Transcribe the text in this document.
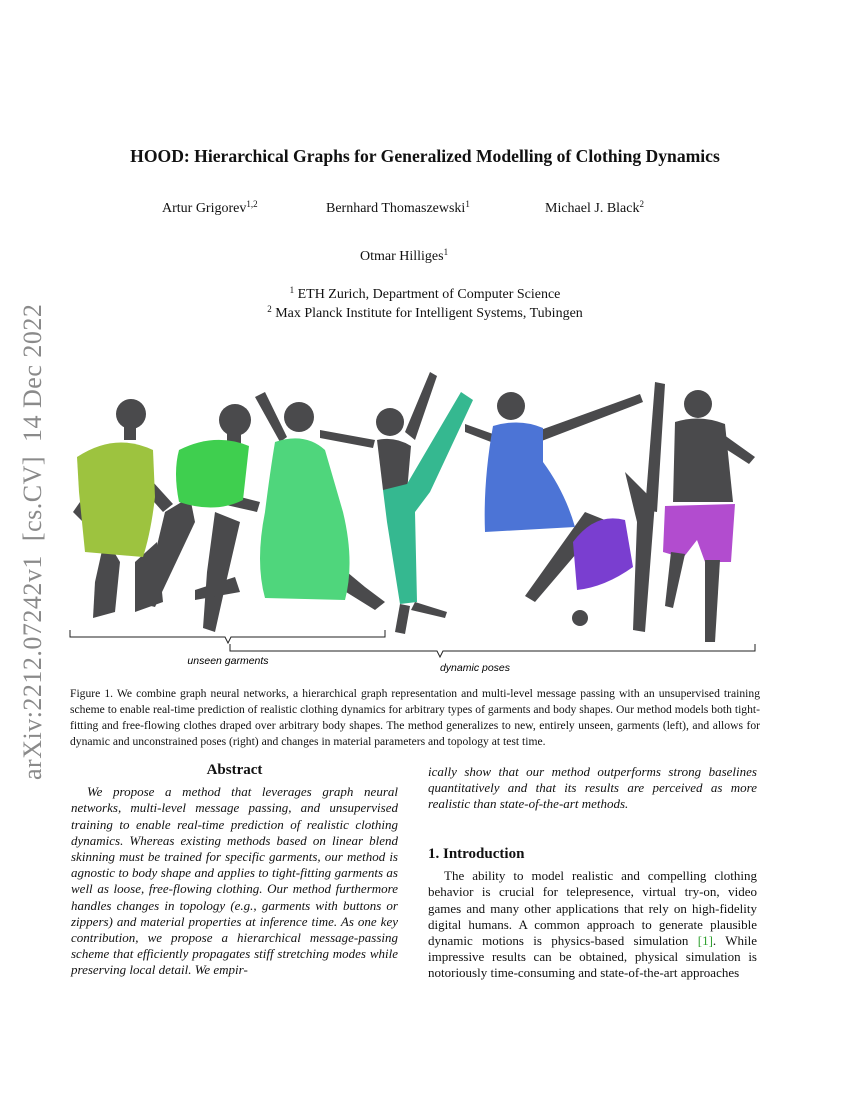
HOOD: Hierarchical Graphs for Generalized Modelling of Clothing Dynamics
Artur Grigorev$^{1,2}$	Bernhard Thomaszewski$^1$	Michael J. Black$^2$
Otmar Hilliges$^1$
$^1$ ETH Zurich, Department of Computer Science
$^2$ Max Planck Institute for Intelligent Systems, Tubingen
arXiv:2212.07242v1  [cs.CV]  14 Dec 2022	unseen garments
dynamic poses
Figure 1. We combine graph neural networks, a hierarchical graph representation and multi-level message passing with an unsupervised training scheme to enable real-time prediction of realistic clothing dynamics for arbitrary types of garments and body shapes. Our method models both tight-fitting and free-flowing clothes draped over arbitrary body shapes. The method generalizes to new, entirely unseen, garments (left), and allows for dynamic and unconstrained poses (right) and changes in material parameters and topology at test time.
Abstract
We propose a method that leverages graph neural networks, multi-level message passing, and unsupervised training to enable real-time prediction of realistic clothing dynamics. Whereas existing methods based on linear blend skinning must be trained for specific garments, our method is agnostic to body shape and applies to tight-fitting garments as well as loose, free-flowing clothing. Our method furthermore handles changes in topology (e.g., garments with buttons or zippers) and material properties at inference time. As one key contribution, we propose a hierarchical message-passing scheme that efficiently propagates stiff stretching modes while preserving local detail. We empir-
1. Introduction
The ability to model realistic and compelling clothing behavior is crucial for telepresence, virtual try-on, video games and many other applications that rely on high-fidelity digital humans. A common approach to generate plausible dynamic motions is physics-based simulation [1]. While impressive results can be obtained, physical simulation is notoriously time-consuming and state-of-the-art approaches
ically show that our method outperforms strong baselines quantitatively and that its results are perceived as more realistic than state-of-the-art methods.
